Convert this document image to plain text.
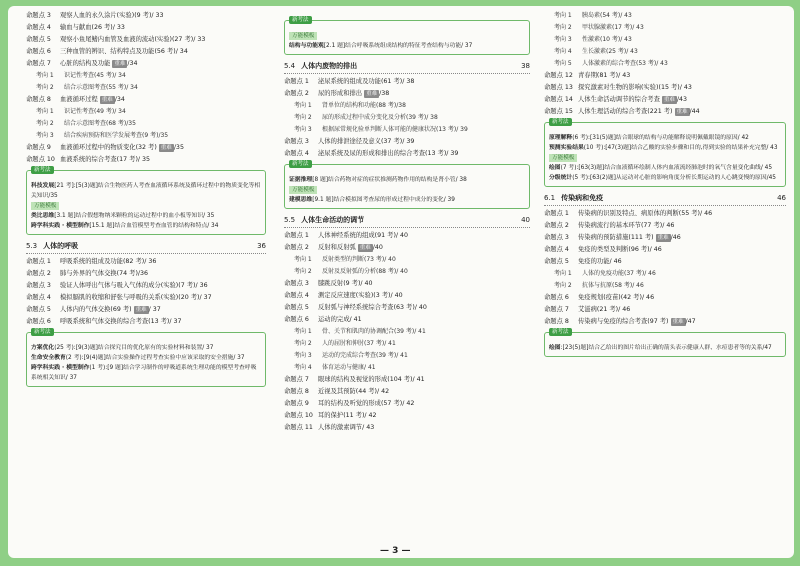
命题点 3 观察人血的永久涂片(实验)(9 考)/ 33
命题点 4 输血与献血(26 考)/ 33
命题点 5 观察小鱼尾鳍内血管及血液的流动(实验)(27 考)/ 33
命题点 6 三种血管的辨识、结构特点及功能(56 考)/ 34
命题点 7 心脏的结构及功能 重难 /34
考向 1 识记性考查(45 考)/ 34
考向 2 结合示意图考查(55 考)/ 34
命题点 8 血液循环过程 重难 /34
考向 1 识记性考查(49 考)/ 34
考向 2 结合示意图考查(68 考)/35
考向 3 结合疾病预防和医学发展考查(9 考)/35
命题点 9 血液循环过程中的物质变化(32 考) 重难 /35
命题点 10 血液系统的综合考查(17 考)/ 35
新考法
科技发展[21 考]:[5(3)题]结合生物医药人考查血液循环系统及循环过程中的物质变化等相关知识/35
万能模板
类比思维[3.1 题]结合假想物纳米颗粒的运动过程中的血小板等知识/ 35
跨学科实践 · 模型制作[15.1 题]结合血管模型考查血管的结构和特点/ 34
5.3 人体的呼吸	36
命题点 1 呼吸系统的组成及功能(82 考)/ 36
命题点 2 肺与外界的气体交换(74 考)/36
命题点 3 验证人体呼出气体与吸入气体的成分(实验)(7 考)/ 36
命题点 4 模拟膈肌的收缩和舒张与呼吸的关系(实验)(20 考)/ 37
命题点 5 人体内的气体交换(69 考) 重难 / 37
命题点 6 呼吸系统和气体交换的综合考查(13 考)/ 37
新考法
方案优化(25 考):[9(3)题]结合探究目的优化原有的实验材料和装置/ 37
生命安全教育(2 考):[9(4)题]结合实验操作过程考查实验中应该采取的安全措施/ 37
跨学科实践 · 模型制作(1 考):[9 题]结合学习制作的呼吸道系统生理功能的模型考查呼吸系统相关知识/ 37
新考法
万能模板
结构与功能观[2.1 题]结合呼吸系统组成结构的特征考查结构与功能/ 37
5.4 人体内废物的排出	38
命题点 1 泌尿系统的组成及功能(61 考)/ 38
命题点 2 尿的形成和排出 重难 /38
考向 1 肾单位的结构和功能(88 考)/38
考向 2 尿的形成过程中成分变化及分析(39 考)/ 38
考向 3 根据尿常规化验单判断人体可能的健康状况(13 考)/ 39
命题点 3 人体的排泄途径及意义(37 考)/ 39
命题点 4 泌尿系统及尿的形成和排出的综合考查(13 考)/ 39
新考法
证据推理[8 题]结合药物对症的症状推测药物作用的结构是肾小管/ 38
万能模板
建模思维[9.1 题]结合模拟图考查尿的形成过程中成分的变化/ 39
5.5 人体生命活动的调节	40
命题点 1 人体神经系统的组成(91 考)/ 40
命题点 2 反射和反射弧 重难 /40
考向 1 反射类型的判断(73 考)/ 40
考向 2 反射及反射弧的分析(88 考)/ 40
命题点 3 膝跳反射(9 考)/ 40
命题点 4 测定反应速度(实验)(3 考)/ 40
命题点 5 反射弧与神经系统综合考查(63 考)/ 40
命题点 6 运动的完成/ 41
考向 1 骨、关节和肌肉的协调配合(39 考)/ 41
考向 2 人的屈肘和伸肘(37 考)/ 41
考向 3 运动的完成综合考查(39 考)/ 41
考向 4 体育运动与健康/ 41
命题点 7 眼球的结构及视觉的形成(104 考)/ 41
命题点 8 近视及其预防(44 考)/ 42
命题点 9 耳的结构及听觉的形成(57 考)/ 42
命题点 10 耳的保护(11 考)/ 42
命题点 11 人体的激素调节/ 43
考向 1 胰岛素(54 考)/ 43
考向 2 甲状腺激素(17 考)/ 43
考向 3 性激素(10 考)/ 43
考向 4 生长激素(25 考)/ 43
考向 5 人体激素的综合考查(53 考)/ 43
命题点 12 青春期(81 考)/ 43
命题点 13 探究激素对生物的影响(实验)(15 考)/ 43
命题点 14 人体生命活动调节的综合考查 重难 /43
命题点 15 人体生理活动的综合考查(221 考) 重难 /44
新考法
原理解释(6 考):[31(5)题]结合眼球的结构与功能解释说明佩戴眼镜的原因/ 42
预测实验结果(10 考):[47(3)题]结合乙酸的实验步骤和目的,得到实验的结果补充完整/ 43
万能模板
绘图(7 考):[63(3)题]结合血液循环绘制人体内血液流经肺泡时的氧气含量变化曲线/ 45
分级统计(5 考):[63(2)题]从运动对心脏的影响角度分析长期运动的人心跳变慢的原因/45
6.1 传染病和免疫	46
命题点 1 传染病的识别及特点、病原体的判断(55 考)/ 46
命题点 2 传染病流行的基本环节(77 考)/ 46
命题点 3 传染病的预防措施(111 考) 重难 /46
命题点 4 免疫的类型及判断(96 考)/ 46
命题点 5 免疫的功能/ 46
考向 1 人体的免疫功能(37 考)/ 46
考向 2 抗体与抗原(58 考)/ 46
命题点 6 免疫规划(疫苗)(42 考)/ 46
命题点 7 艾滋病(21 考)/ 46
命题点 8 传染病与免疫的综合考查(97 考) 重难 /47
新考法
绘图:[23(5)题]结合乙给出的图片给出正确的箭头表示健康人群、水痘患者等的关系/47
— 3 —
